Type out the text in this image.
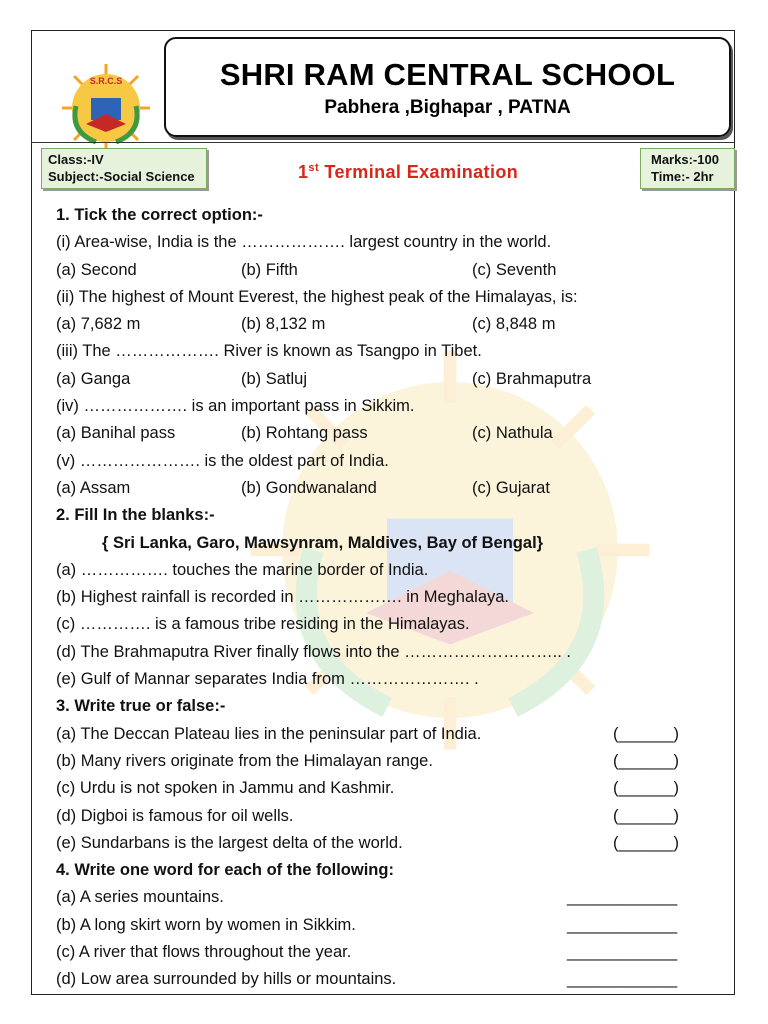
S.R.C.S	SHRI RAM CENTRAL SCHOOL
Pabhera ,Bighapar , PATNA
Class:-IV
Subject:-Social Science	1st Terminal Examination
Marks:-100
Time:- 2hr
1. Tick the correct option:-
(i) Area-wise, India is the ………………. largest country in the world.
(a) Second	(b) Fifth	(c) Seventh
(ii) The highest of Mount Everest, the highest peak of the Himalayas, is:
(a) 7,682 m	(b) 8,132 m	(c) 8,848 m
(iii) The ………………. River is known as Tsangpo in Tibet.
(a) Ganga	(b) Satluj	(c) Brahmaputra
(iv) ………………. is an important pass in Sikkim.
(a) Banihal pass	(b) Rohtang pass	(c) Nathula
(v) …………………. is the oldest part of India.
(a) Assam	(b) Gondwanaland	(c) Gujarat
2. Fill In the blanks:-
{ Sri Lanka, Garo, Mawsynram, Maldives, Bay of Bengal}
(a) ……………. touches the marine border of India.
(b) Highest rainfall is recorded in ………………. in Meghalaya.
(c) …………. is a famous tribe residing in the Himalayas.
(d) The Brahmaputra River finally flows into the ……………………….. .
(e) Gulf of Mannar separates India from …………………. .
3. Write true or false:-
(a) The Deccan Plateau lies in the peninsular part of India.	(______)
(b) Many rivers originate from the Himalayan range.	(______)
(c) Urdu is not spoken in Jammu and Kashmir.	(______)
(d) Digboi is famous for oil wells.	(______)
(e) Sundarbans is the largest delta of the world.	(______)
4. Write one word for each of the following:
(a) A series mountains.	____________
(b) A long skirt worn by women in Sikkim.	____________
(c) A river that flows throughout the year.	____________
(d) Low area surrounded by hills or mountains.	____________
